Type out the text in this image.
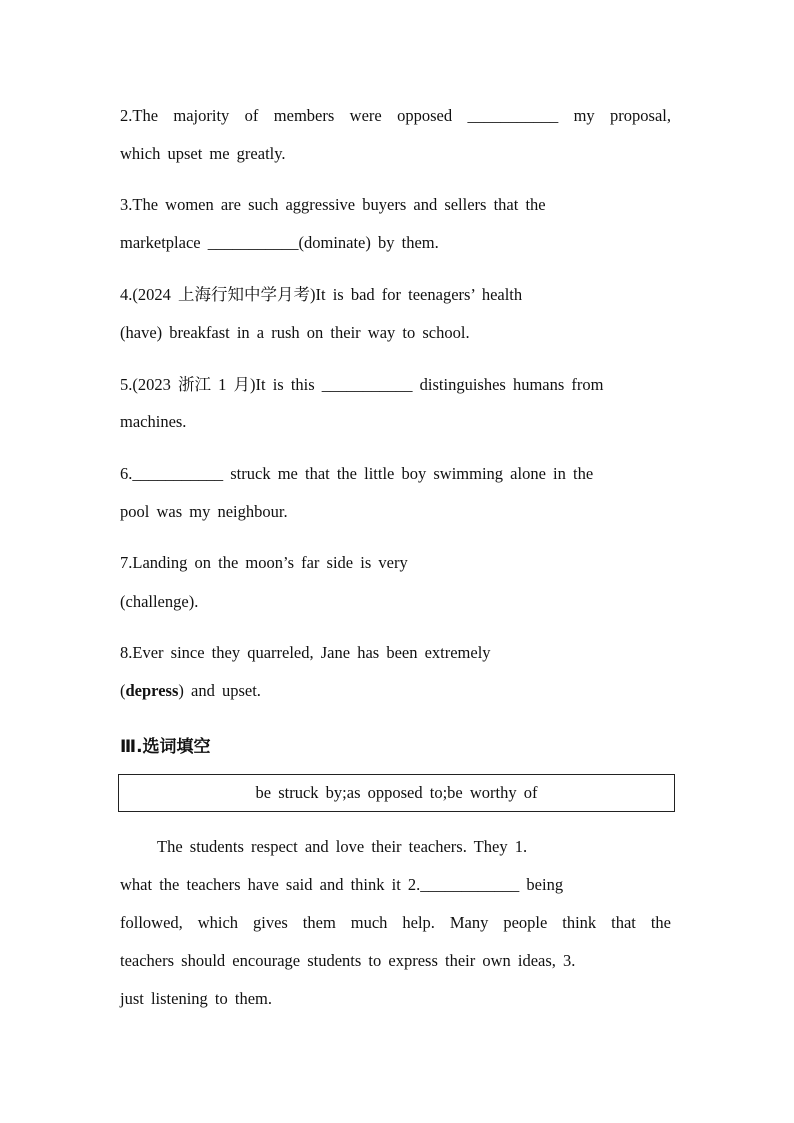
2.The majority of members were opposed ___________ my proposal,
which upset me greatly.
3.The women are such aggressive buyers and sellers that the
marketplace ___________(dominate) by them.
4.(2024 上海行知中学月考)It is bad for teenagers’ health
(have) breakfast in a rush on their way to school.
5.(2023 浙江 1 月)It is this ___________ distinguishes humans from
machines.
6.___________ struck me that the little boy swimming alone in the
pool was my neighbour.
7.Landing on the moon’s far side is very
(challenge).
8.Ever since they quarreled, Jane has been extremely
(depress) and upset.
Ⅲ.选词填空
be struck by;as opposed to;be worthy of
The students respect and love their teachers. They 1.
what the teachers have said and think it 2.____________ being
followed, which gives them much help. Many people think that the
teachers should encourage students to express their own ideas, 3.
just listening to them.
